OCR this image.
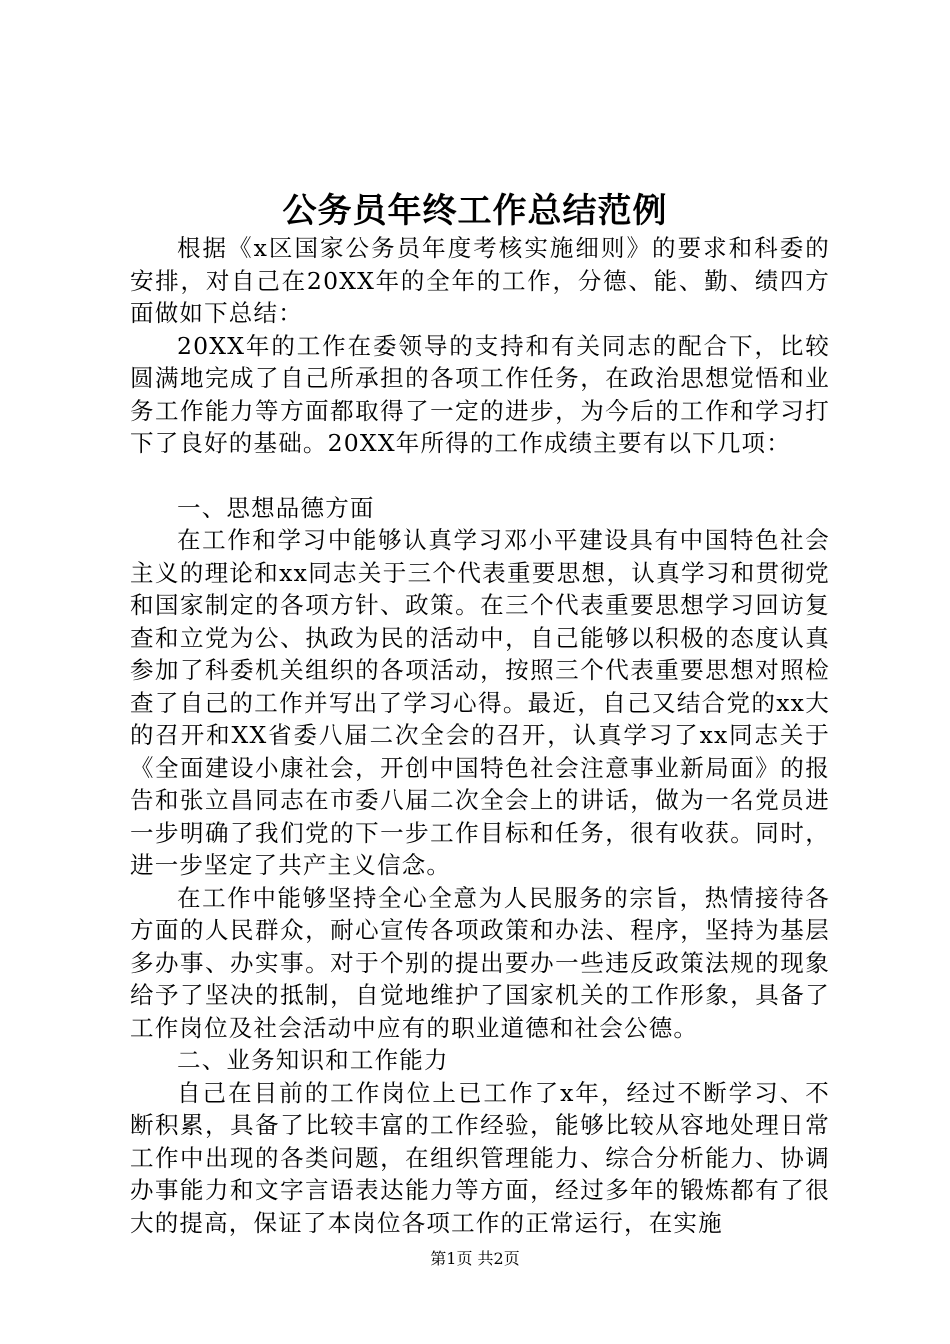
公务员年终工作总结范例

根据《x区国家公务员年度考核实施细则》的要求和科委的安排，对自己在20XX年的全年的工作，分德、能、勤、绩四方面做如下总结：

20XX年的工作在委领导的支持和有关同志的配合下，比较圆满地完成了自己所承担的各项工作任务，在政治思想觉悟和业务工作能力等方面都取得了一定的进步，为今后的工作和学习打下了良好的基础。20XX年所得的工作成绩主要有以下几项：

一、思想品德方面

在工作和学习中能够认真学习邓小平建设具有中国特色社会主义的理论和xx同志关于三个代表重要思想，认真学习和贯彻党和国家制定的各项方针、政策。在三个代表重要思想学习回访复查和立党为公、执政为民的活动中，自己能够以积极的态度认真参加了科委机关组织的各项活动，按照三个代表重要思想对照检查了自己的工作并写出了学习心得。最近，自己又结合党的xx大的召开和XX省委八届二次全会的召开，认真学习了xx同志关于《全面建设小康社会，开创中国特色社会注意事业新局面》的报告和张立昌同志在市委八届二次全会上的讲话，做为一名党员进一步明确了我们党的下一步工作目标和任务，很有收获。同时，进一步坚定了共产主义信念。

在工作中能够坚持全心全意为人民服务的宗旨，热情接待各方面的人民群众，耐心宣传各项政策和办法、程序，坚持为基层多办事、办实事。对于个别的提出要办一些违反政策法规的现象给予了坚决的抵制，自觉地维护了国家机关的工作形象，具备了工作岗位及社会活动中应有的职业道德和社会公德。

二、业务知识和工作能力

自己在目前的工作岗位上已工作了x年，经过不断学习、不断积累，具备了比较丰富的工作经验，能够比较从容地处理日常工作中出现的各类问题，在组织管理能力、综合分析能力、协调办事能力和文字言语表达能力等方面，经过多年的锻炼都有了很大的提高，保证了本岗位各项工作的正常运行，在实施

第1页 共2页
